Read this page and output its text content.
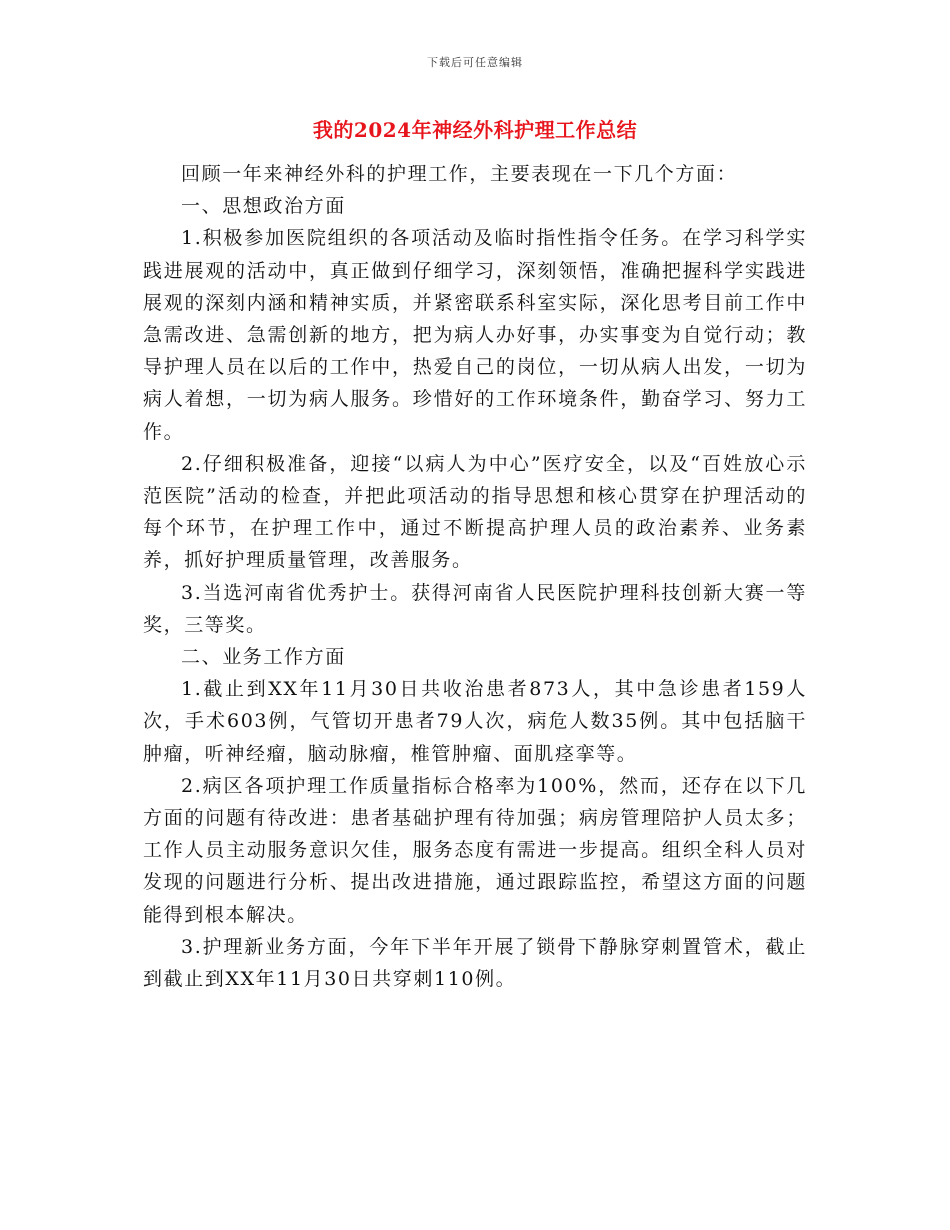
下载后可任意编辑
我的2024年神经外科护理工作总结

回顾一年来神经外科的护理工作，主要表现在一下几个方面：

一、思想政治方面

1.积极参加医院组织的各项活动及临时指性指令任务。在学习科学实践进展观的活动中，真正做到仔细学习，深刻领悟，准确把握科学实践进展观的深刻内涵和精神实质，并紧密联系科室实际，深化思考目前工作中急需改进、急需创新的地方，把为病人办好事，办实事变为自觉行动；教导护理人员在以后的工作中，热爱自己的岗位，一切从病人出发，一切为病人着想，一切为病人服务。珍惜好的工作环境条件，勤奋学习、努力工作。

2.仔细积极准备，迎接“以病人为中心”医疗安全，以及“百姓放心示范医院”活动的检查，并把此项活动的指导思想和核心贯穿在护理活动的每个环节，在护理工作中，通过不断提高护理人员的政治素养、业务素养，抓好护理质量管理，改善服务。

3.当选河南省优秀护士。获得河南省人民医院护理科技创新大赛一等奖，三等奖。

二、业务工作方面

1.截止到XX年11月30日共收治患者873人，其中急诊患者159人次，手术603例，气管切开患者79人次，病危人数35例。其中包括脑干肿瘤，听神经瘤，脑动脉瘤，椎管肿瘤、面肌痉挛等。

2.病区各项护理工作质量指标合格率为100%，然而，还存在以下几方面的问题有待改进：患者基础护理有待加强；病房管理陪护人员太多；工作人员主动服务意识欠佳，服务态度有需进一步提高。组织全科人员对发现的问题进行分析、提出改进措施，通过跟踪监控，希望这方面的问题能得到根本解决。

3.护理新业务方面，今年下半年开展了锁骨下静脉穿刺置管术，截止到截止到XX年11月30日共穿刺110例。
